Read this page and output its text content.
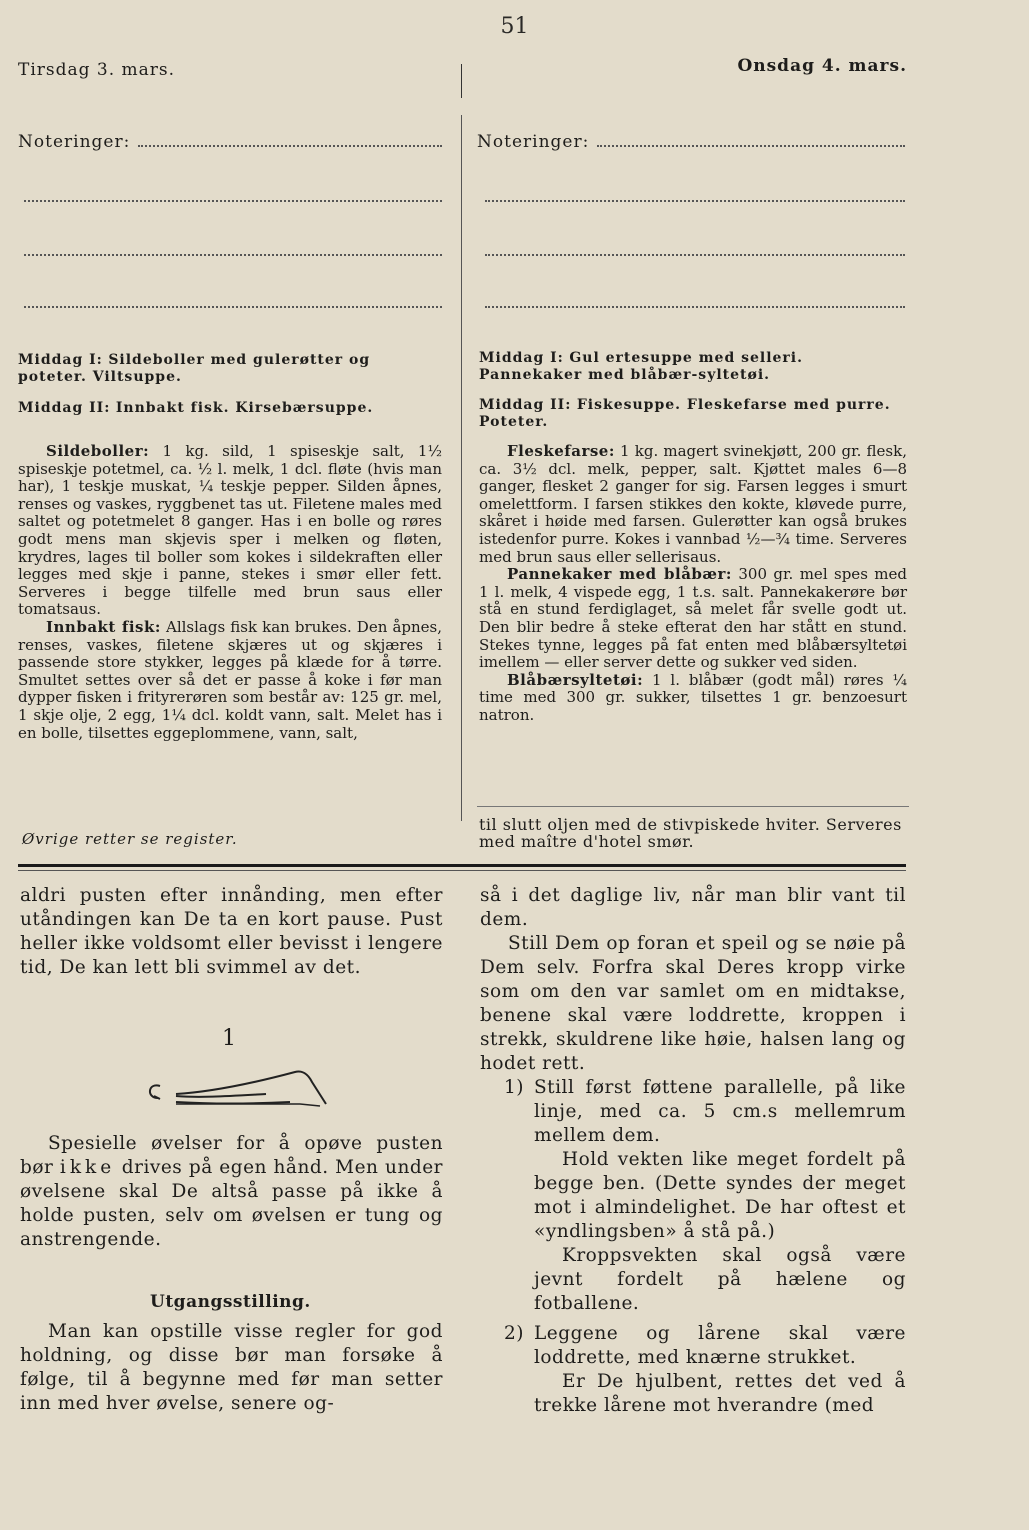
51
Tirsdag 3. mars.	Onsdag 4. mars.
Noteringer:	Noteringer:
Middag I: Sildeboller med gulerøtter og poteter. Viltsuppe.
Middag II: Innbakt fisk. Kirsebærsuppe.

Sildeboller: 1 kg. sild, 1 spiseskje salt, 1½ spiseskje potetmel, ca. ½ l. melk, 1 dcl. fløte (hvis man har), 1 teskje muskat, ¼ teskje pepper. Silden åpnes, renses og vaskes, ryggbenet tas ut. Filetene males med saltet og potetmelet 8 ganger. Has i en bolle og røres godt mens man skjevis sper i melken og fløten, krydres, lages til boller som kokes i sildekraften eller legges med skje i panne, stekes i smør eller fett. Serveres i begge tilfelle med brun saus eller tomatsaus.

Innbakt fisk: Allslags fisk kan brukes. Den åpnes, renses, vaskes, filetene skjæres ut og skjæres i passende store stykker, legges på klæde for å tørre. Smultet settes over så det er passe å koke i før man dypper fisken i frityrerøren som består av: 125 gr. mel, 1 skje olje, 2 egg, 1¼ dcl. koldt vann, salt. Melet has i en bolle, tilsettes eggeplommene, vann, salt,

Øvrige retter se register.
Middag I: Gul ertesuppe med selleri. Pannekaker med blåbær-syltetøi.
Middag II: Fiskesuppe. Fleskefarse med purre. Poteter.

Fleskefarse: 1 kg. magert svinekjøtt, 200 gr. flesk, ca. 3½ dcl. melk, pepper, salt. Kjøttet males 6—8 ganger, flesket 2 ganger for sig. Farsen legges i smurt omelettform. I farsen stikkes den kokte, kløvede purre, skåret i høide med farsen. Gulerøtter kan også brukes istedenfor purre. Kokes i vannbad ½—¾ time. Serveres med brun saus eller sellerisaus.

Pannekaker med blåbær: 300 gr. mel spes med 1 l. melk, 4 vispede egg, 1 t.s. salt. Pannekakerøre bør stå en stund ferdiglaget, så melet får svelle godt ut. Den blir bedre å steke efterat den har stått en stund. Stekes tynne, legges på fat enten med blåbærsyltetøi imellem — eller server dette og sukker ved siden.

Blåbærsyltetøi: 1 l. blåbær (godt mål) røres ¼ time med 300 gr. sukker, tilsettes 1 gr. benzoesurt natron.

til slutt oljen med de stivpiskede hviter. Serveres med maître d'hotel smør.

aldri pusten efter innånding, men efter utåndingen kan De ta en kort pause. Pust heller ikke voldsomt eller bevisst i lengere tid, De kan lett bli svimmel av det.

1

Spesielle øvelser for å opøve pusten bør ikke drives på egen hånd. Men under øvelsene skal De altså passe på ikke å holde pusten, selv om øvelsen er tung og anstrengende.

Utgangsstilling.

Man kan opstille visse regler for god holdning, og disse bør man forsøke å følge, til å begynne med før man setter inn med hver øvelse, senere og-

så i det daglige liv, når man blir vant til dem.

Still Dem op foran et speil og se nøie på Dem selv. Forfra skal Deres kropp virke som om den var samlet om en midtakse, benene skal være loddrette, kroppen i strekk, skuldrene like høie, halsen lang og hodet rett.

1) Still først føttene parallelle, på like linje, med ca. 5 cm.s mellemrum mellem dem.

Hold vekten like meget fordelt på begge ben. (Dette syndes der meget mot i almindelighet. De har oftest et «yndlingsben» å stå på.)

Kroppsvekten skal også være jevnt fordelt på hælene og fotballene.

2) Leggene og lårene skal være loddrette, med knærne strukket.

Er De hjulbent, rettes det ved å trekke lårene mot hverandre (med
